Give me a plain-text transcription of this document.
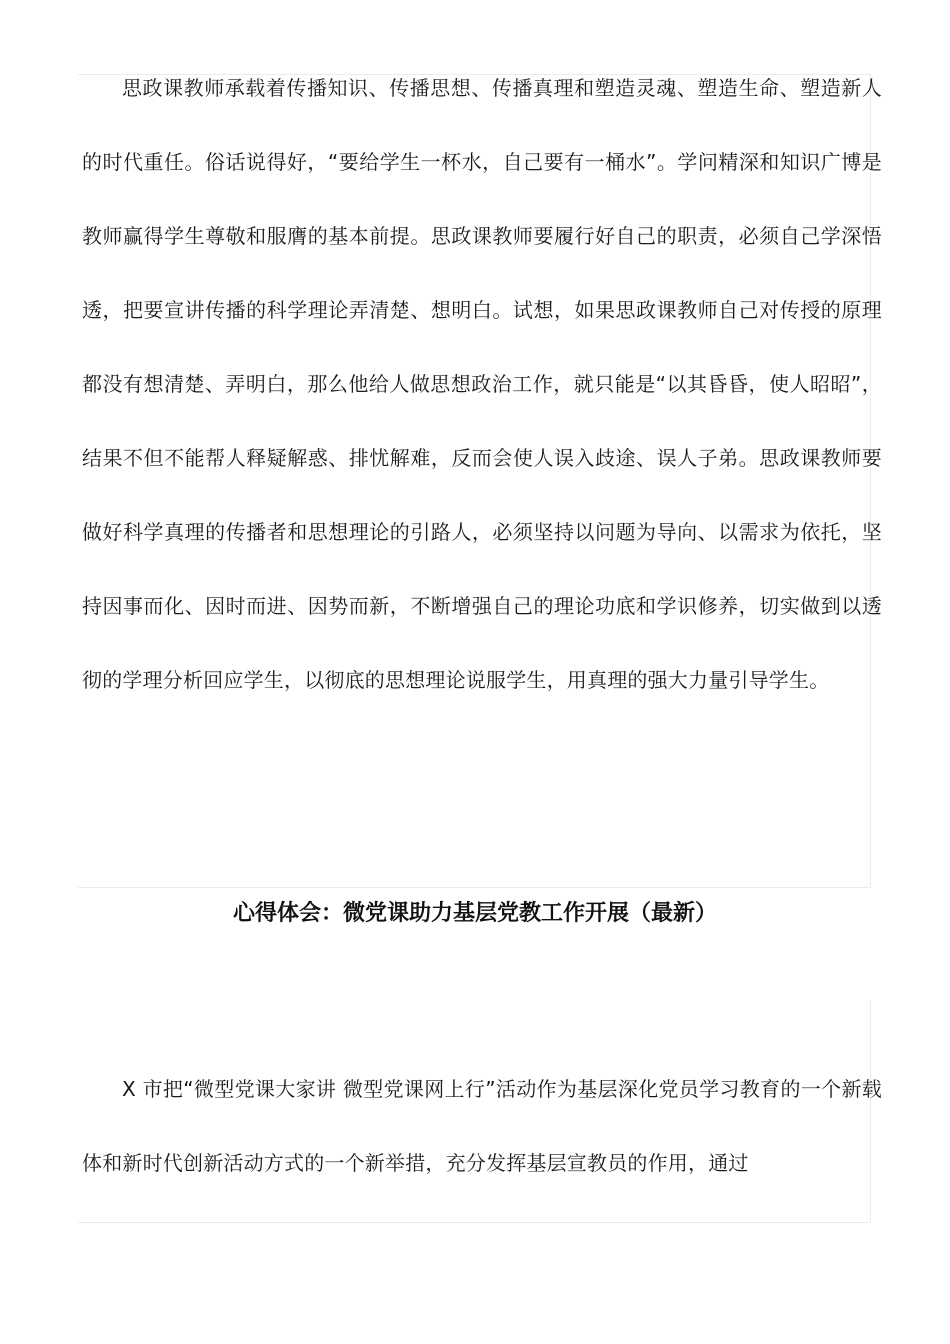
思政课教师承载着传播知识、传播思想、传播真理和塑造灵魂、塑造生命、塑造新人的时代重任。俗话说得好，“要给学生一杯水，自己要有一桶水”。学问精深和知识广博是教师赢得学生尊敬和服膺的基本前提。思政课教师要履行好自己的职责，必须自己学深悟透，把要宣讲传播的科学理论弄清楚、想明白。试想，如果思政课教师自己对传授的原理都没有想清楚、弄明白，那么他给人做思想政治工作，就只能是“以其昏昏，使人昭昭”，结果不但不能帮人释疑解惑、排忧解难，反而会使人误入歧途、误人子弟。思政课教师要做好科学真理的传播者和思想理论的引路人，必须坚持以问题为导向、以需求为依托，坚持因事而化、因时而进、因势而新，不断增强自己的理论功底和学识修养，切实做到以透彻的学理分析回应学生，以彻底的思想理论说服学生，用真理的强大力量引导学生。

心得体会：微党课助力基层党教工作开展（最新）

X 市把“微型党课大家讲 微型党课网上行”活动作为基层深化党员学习教育的一个新载体和新时代创新活动方式的一个新举措，充分发挥基层宣教员的作用，通过
